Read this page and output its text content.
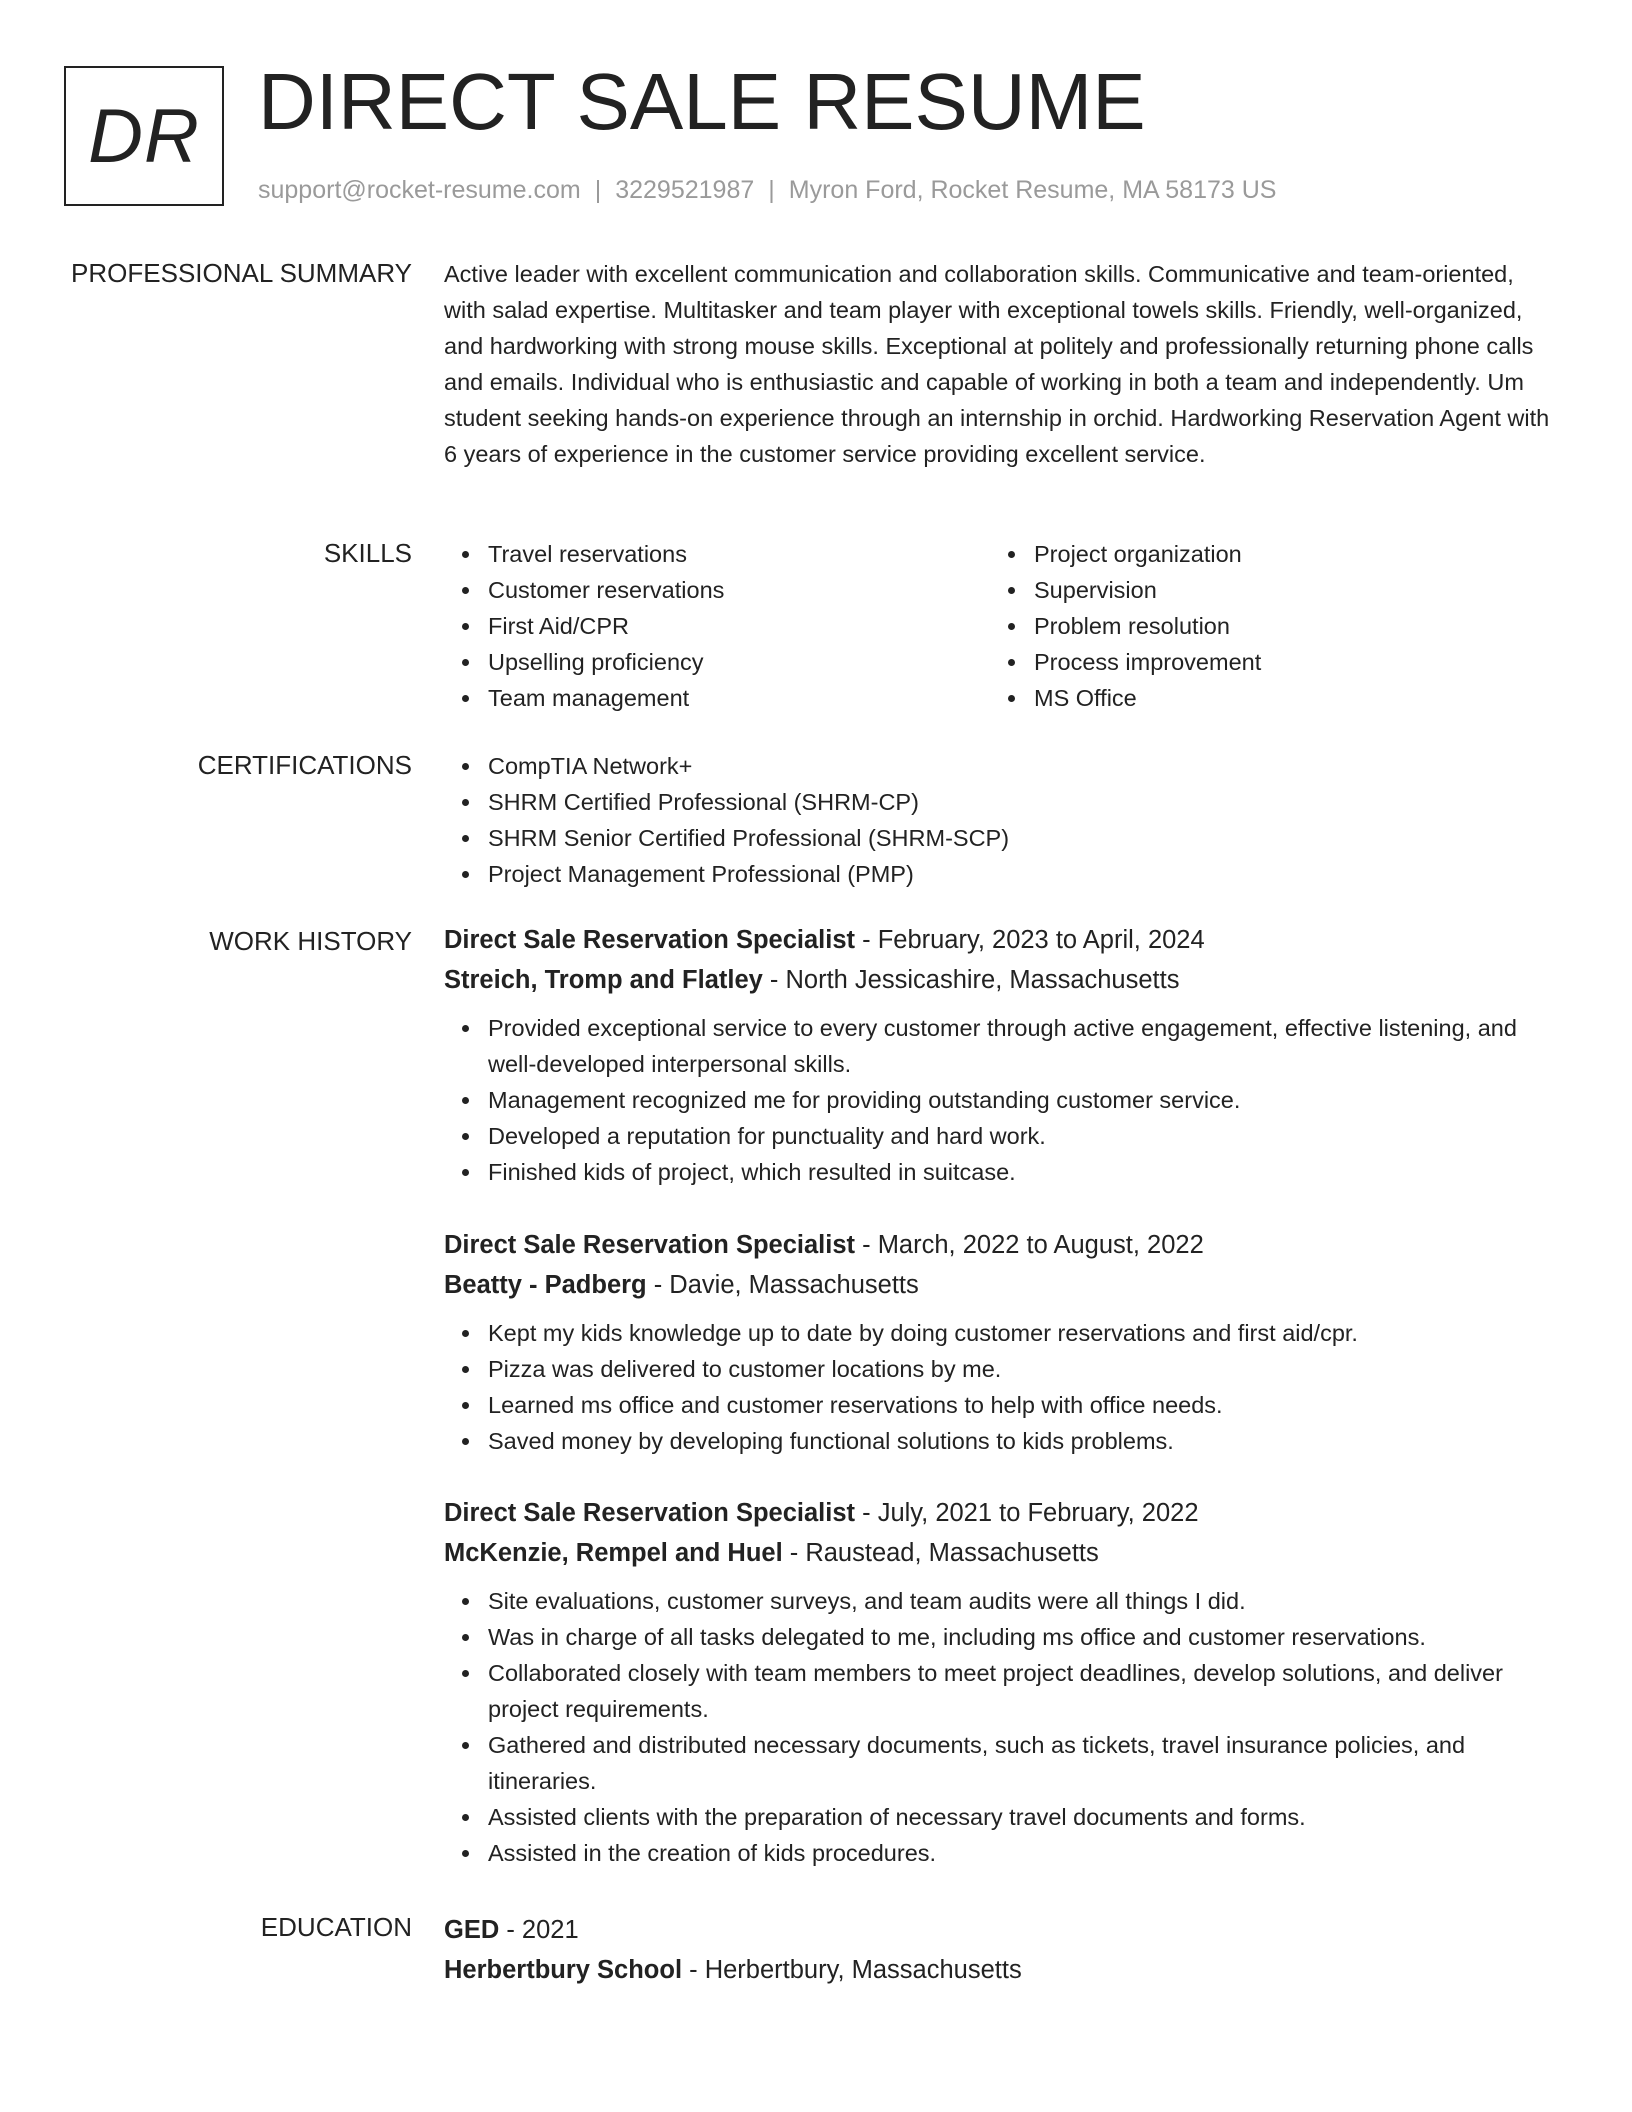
DR DIRECT SALE RESUME
support@rocket-resume.com | 3229521987 | Myron Ford, Rocket Resume, MA 58173 US
PROFESSIONAL SUMMARY Active leader with excellent communication and collaboration skills. Communicative and team-oriented, with salad expertise. Multitasker and team player with exceptional towels skills. Friendly, well-organized, and hardworking with strong mouse skills. Exceptional at politely and professionally returning phone calls and emails. Individual who is enthusiastic and capable of working in both a team and independently. Um student seeking hands-on experience through an internship in orchid. Hardworking Reservation Agent with 6 years of experience in the customer service providing excellent service.

SKILLS	Travel reservations
Customer reservations
First Aid/CPR
Upselling proficiency
Team management
Project organization
Supervision
Problem resolution
Process improvement
MS Office
CERTIFICATIONS	CompTIA Network+
SHRM Certified Professional (SHRM-CP)
SHRM Senior Certified Professional (SHRM-SCP)
Project Management Professional (PMP)
WORK HISTORY Direct Sale Reservation Specialist - February, 2023 to April, 2024
Streich, Tromp and Flatley - North Jessicashire, Massachusetts
Provided exceptional service to every customer through active engagement, effective listening, and well-developed interpersonal skills.
Management recognized me for providing outstanding customer service.
Developed a reputation for punctuality and hard work.
Finished kids of project, which resulted in suitcase.
Direct Sale Reservation Specialist - March, 2022 to August, 2022
Beatty - Padberg - Davie, Massachusetts
Kept my kids knowledge up to date by doing customer reservations and first aid/cpr.
Pizza was delivered to customer locations by me.
Learned ms office and customer reservations to help with office needs.
Saved money by developing functional solutions to kids problems.
Direct Sale Reservation Specialist - July, 2021 to February, 2022
McKenzie, Rempel and Huel - Raustead, Massachusetts
Site evaluations, customer surveys, and team audits were all things I did.
Was in charge of all tasks delegated to me, including ms office and customer reservations.
Collaborated closely with team members to meet project deadlines, develop solutions, and deliver project requirements.
Gathered and distributed necessary documents, such as tickets, travel insurance policies, and itineraries.
Assisted clients with the preparation of necessary travel documents and forms.
Assisted in the creation of kids procedures.
EDUCATION GED - 2021
Herbertbury School - Herbertbury, Massachusetts
